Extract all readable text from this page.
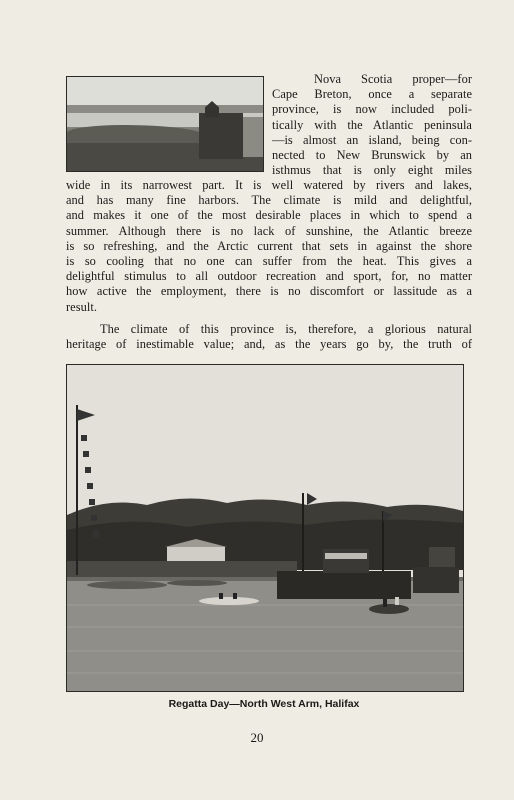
Nova Scotia proper—for
Cape Breton, once a separate
province, is now included poli-
tically with the Atlantic peninsula
—is almost an island, being con-
nected to New Brunswick by an
isthmus that is only eight miles
wide in its narrowest part. It is well watered by rivers and lakes,
and has many fine harbors. The climate is mild and delightful,
and makes it one of the most desirable places in which to spend a
summer. Although there is no lack of sunshine, the Atlantic breeze
is so refreshing, and the Arctic current that sets in against the shore
is so cooling that no one can suffer from the heat. This gives a
delightful stimulus to all outdoor recreation and sport, for, no matter
how active the employment, there is no discomfort or lassitude as a
result.
The climate of this province is, therefore, a glorious natural
heritage of inestimable value; and, as the years go by, the truth of
Regatta Day—North West Arm, Halifax
20
